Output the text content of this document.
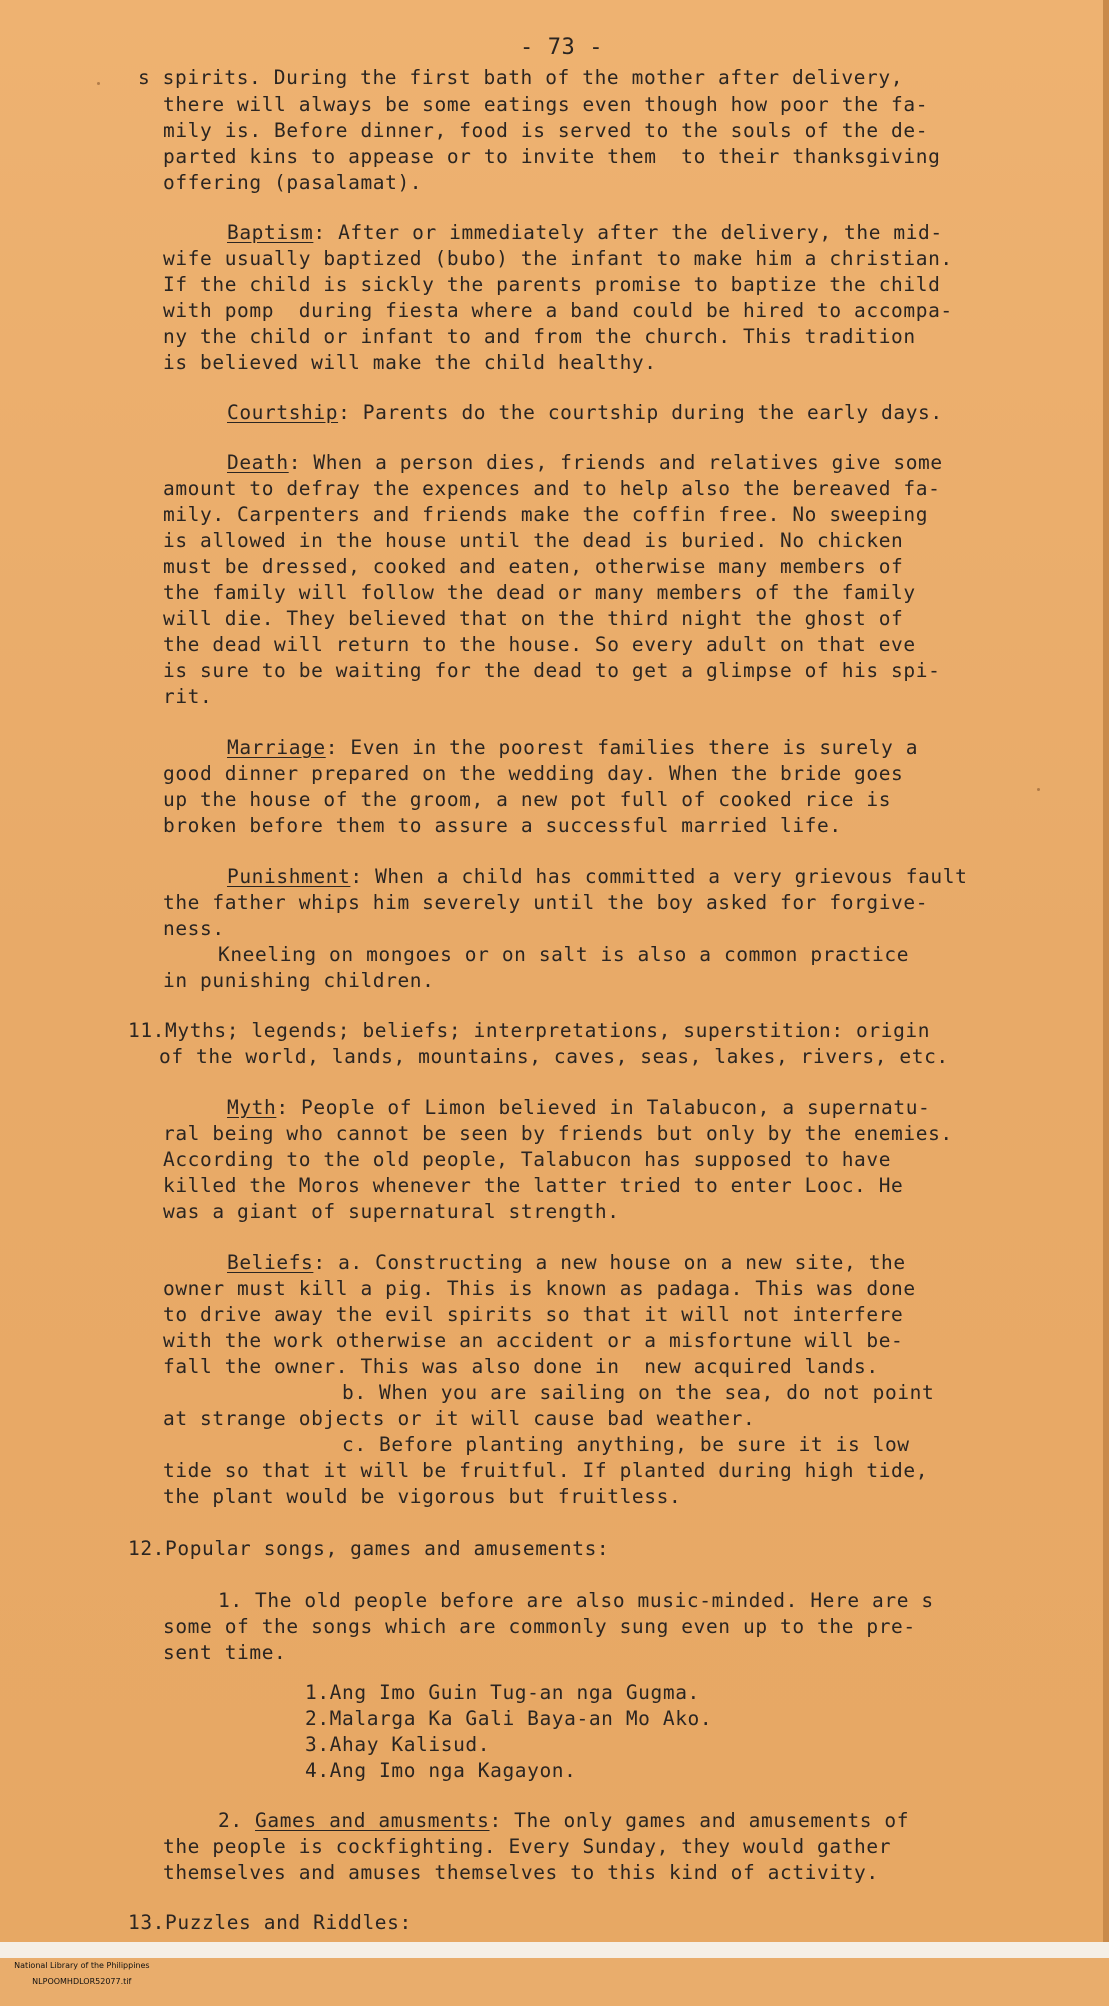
- 73 -
s spirits. During the first bath of the mother after delivery,
there will always be some eatings even though how poor the fa-
mily is. Before dinner, food is served to the souls of the de-
parted kins to appease or to invite them  to their thanksgiving
offering (pasalamat).
Baptism: After or immediately after the delivery, the mid-
wife usually baptized (bubo) the infant to make him a christian.
If the child is sickly the parents promise to baptize the child
with pomp  during fiesta where a band could be hired to accompa-
ny the child or infant to and from the church. This tradition
is believed will make the child healthy.
Courtship: Parents do the courtship during the early days.
Death: When a person dies, friends and relatives give some
amount to defray the expences and to help also the bereaved fa-
mily. Carpenters and friends make the coffin free. No sweeping
is allowed in the house until the dead is buried. No chicken
must be dressed, cooked and eaten, otherwise many members of
the family will follow the dead or many members of the family
will die. They believed that on the third night the ghost of
the dead will return to the house. So every adult on that eve
is sure to be waiting for the dead to get a glimpse of his spi-
rit.
Marriage: Even in the poorest families there is surely a
good dinner prepared on the wedding day. When the bride goes
up the house of the groom, a new pot full of cooked rice is
broken before them to assure a successful married life.
Punishment: When a child has committed a very grievous fault
the father whips him severely until the boy asked for forgive-
ness.
Kneeling on mongoes or on salt is also a common practice
in punishing children.
11.Myths; legends; beliefs; interpretations, superstition: origin
of the world, lands, mountains, caves, seas, lakes, rivers, etc.
Myth: People of Limon believed in Talabucon, a supernatu-
ral being who cannot be seen by friends but only by the enemies.
According to the old people, Talabucon has supposed to have
killed the Moros whenever the latter tried to enter Looc. He
was a giant of supernatural strength.
Beliefs: a. Constructing a new house on a new site, the
owner must kill a pig. This is known as padaga. This was done
to drive away the evil spirits so that it will not interfere
with the work otherwise an accident or a misfortune will be-
fall the owner. This was also done in  new acquired lands.
b. When you are sailing on the sea, do not point
at strange objects or it will cause bad weather.
c. Before planting anything, be sure it is low
tide so that it will be fruitful. If planted during high tide,
the plant would be vigorous but fruitless.
12.Popular songs, games and amusements:
1. The old people before are also music-minded. Here are s
some of the songs which are commonly sung even up to the pre-
sent time.
1.Ang Imo Guin Tug-an nga Gugma.
2.Malarga Ka Gali Baya-an Mo Ako.
3.Ahay Kalisud.
4.Ang Imo nga Kagayon.
2. Games and amusments: The only games and amusements of
the people is cockfighting. Every Sunday, they would gather
themselves and amuses themselves to this kind of activity.
13.Puzzles and Riddles:

National Library of the Philippines
NLPOOMHDLOR52077.tif
